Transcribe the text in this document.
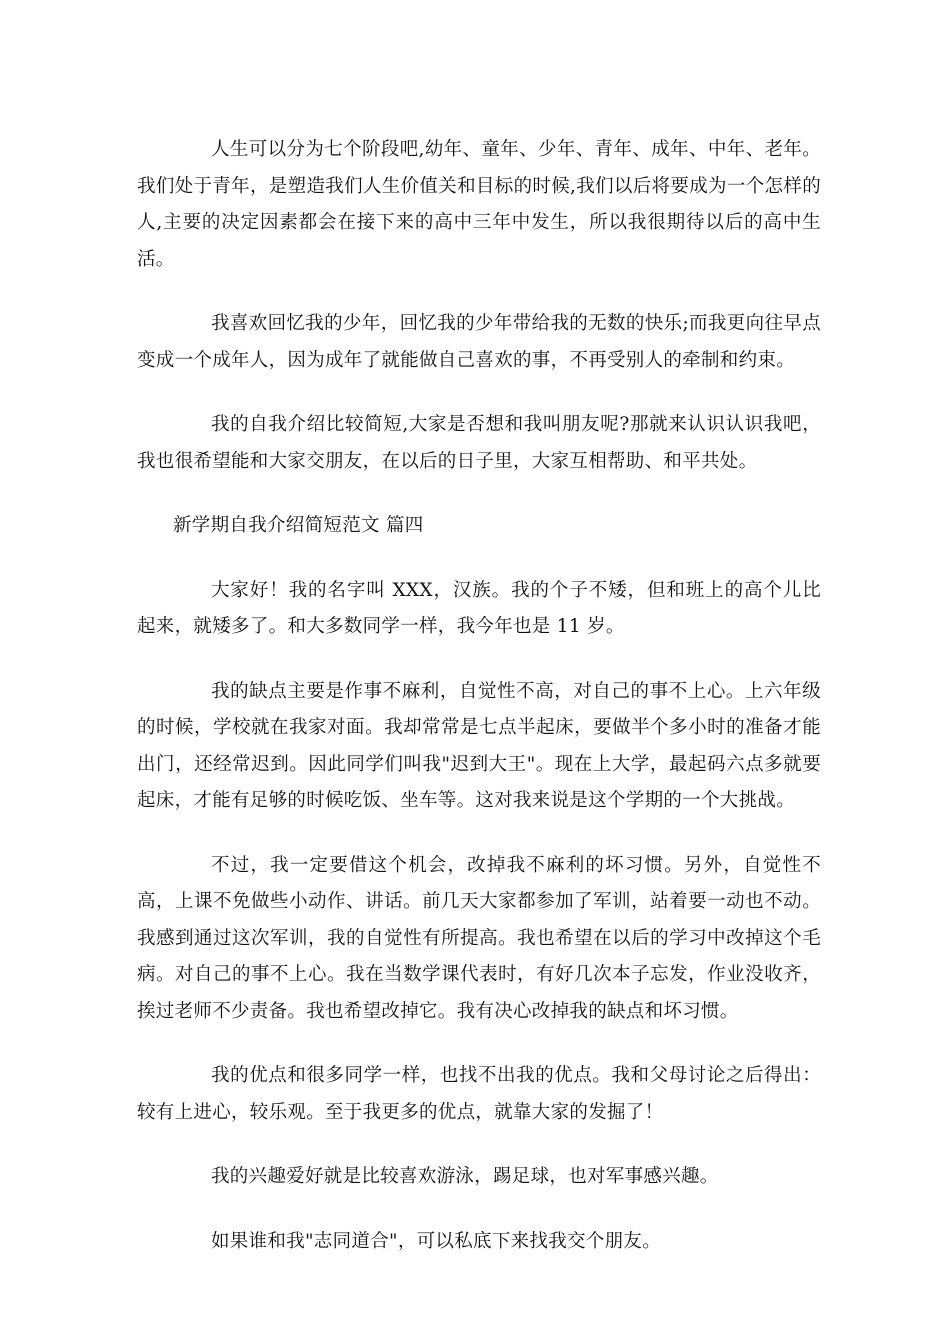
人生可以分为七个阶段吧,幼年、童年、少年、青年、成年、中年、老年。我们处于青年，是塑造我们人生价值关和目标的时候,我们以后将要成为一个怎样的人,主要的决定因素都会在接下来的高中三年中发生，所以我很期待以后的高中生活。

我喜欢回忆我的少年，回忆我的少年带给我的无数的快乐;而我更向往早点变成一个成年人，因为成年了就能做自己喜欢的事，不再受别人的牵制和约束。

我的自我介绍比较简短,大家是否想和我叫朋友呢?那就来认识认识我吧，我也很希望能和大家交朋友，在以后的日子里，大家互相帮助、和平共处。

新学期自我介绍简短范文 篇四

大家好！我的名字叫 XXX，汉族。我的个子不矮，但和班上的高个儿比起来，就矮多了。和大多数同学一样，我今年也是 11 岁。

我的缺点主要是作事不麻利，自觉性不高，对自己的事不上心。上六年级的时候，学校就在我家对面。我却常常是七点半起床，要做半个多小时的准备才能出门，还经常迟到。因此同学们叫我"迟到大王"。现在上大学，最起码六点多就要起床，才能有足够的时候吃饭、坐车等。这对我来说是这个学期的一个大挑战。

不过，我一定要借这个机会，改掉我不麻利的坏习惯。另外，自觉性不高，上课不免做些小动作、讲话。前几天大家都参加了军训，站着要一动也不动。我感到通过这次军训，我的自觉性有所提高。我也希望在以后的学习中改掉这个毛病。对自己的事不上心。我在当数学课代表时，有好几次本子忘发，作业没收齐，挨过老师不少责备。我也希望改掉它。我有决心改掉我的缺点和坏习惯。

我的优点和很多同学一样，也找不出我的优点。我和父母讨论之后得出：较有上进心，较乐观。至于我更多的优点，就靠大家的发掘了！

我的兴趣爱好就是比较喜欢游泳，踢足球，也对军事感兴趣。

如果谁和我"志同道合"，可以私底下来找我交个朋友。
